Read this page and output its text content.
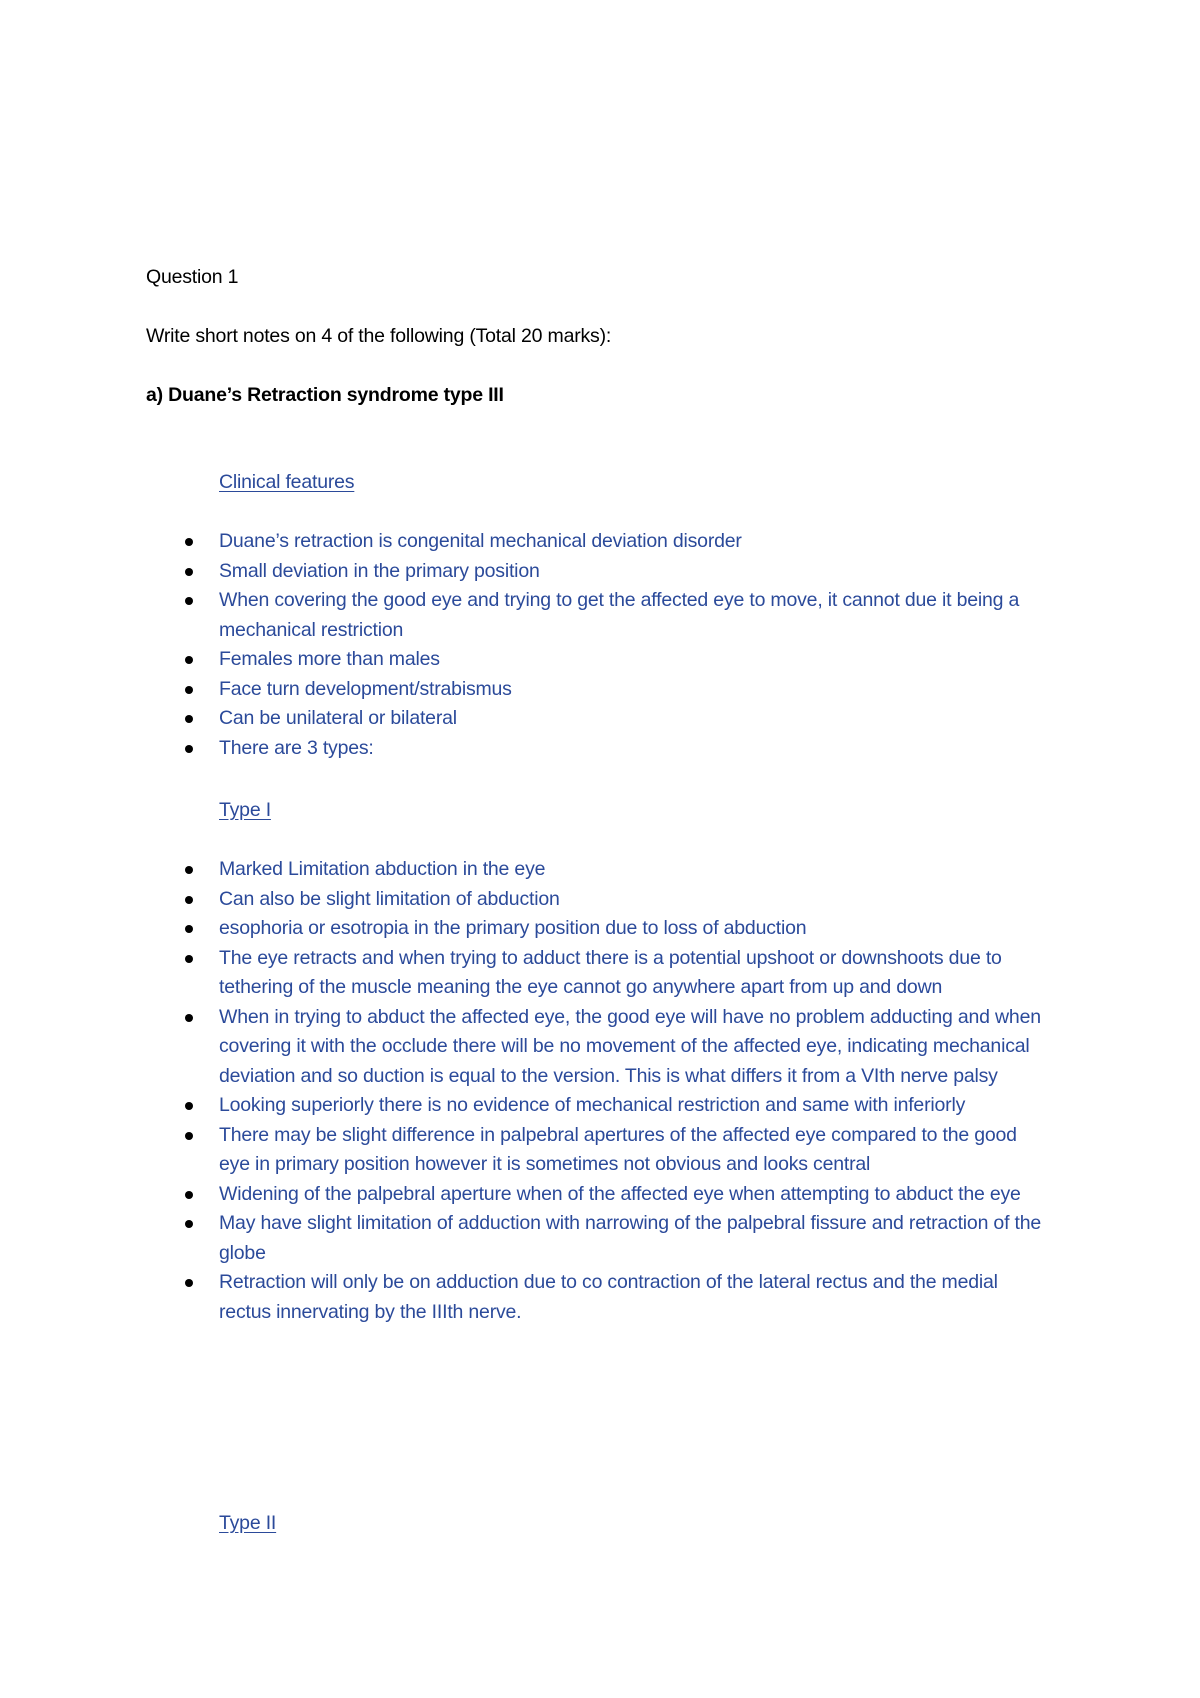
Question 1
Write short notes on 4 of the following (Total 20 marks):
a) Duane’s Retraction syndrome type III
Clinical features
Duane’s retraction is congenital mechanical deviation disorder
Small deviation in the primary position
When covering the good eye and trying to get the affected eye to move, it cannot due it being a mechanical restriction
Females more than males
Face turn development/strabismus
Can be unilateral or bilateral
There are 3 types:
Type I
Marked Limitation abduction in the eye
Can also be slight limitation of abduction
esophoria or esotropia in the primary position due to loss of abduction
The eye retracts and when trying to adduct there is a potential upshoot or downshoots due to tethering of the muscle meaning the eye cannot go anywhere apart from up and down
When in trying to abduct the affected eye, the good eye will have no problem adducting and when covering it with the occlude there will be no movement of the affected eye, indicating mechanical deviation and so duction is equal to the version. This is what differs it from a VIth nerve palsy
Looking superiorly there is no evidence of mechanical restriction and same with inferiorly
There may be slight difference in palpebral apertures of the affected eye compared to the good eye in primary position however it is sometimes not obvious and looks central
Widening of the palpebral aperture when of the affected eye when attempting to abduct the eye
May have slight limitation of adduction with narrowing of the palpebral fissure and retraction of the globe
Retraction will only be on adduction due to co contraction of the lateral rectus and the medial rectus innervating by the IIIth nerve.
Type II
